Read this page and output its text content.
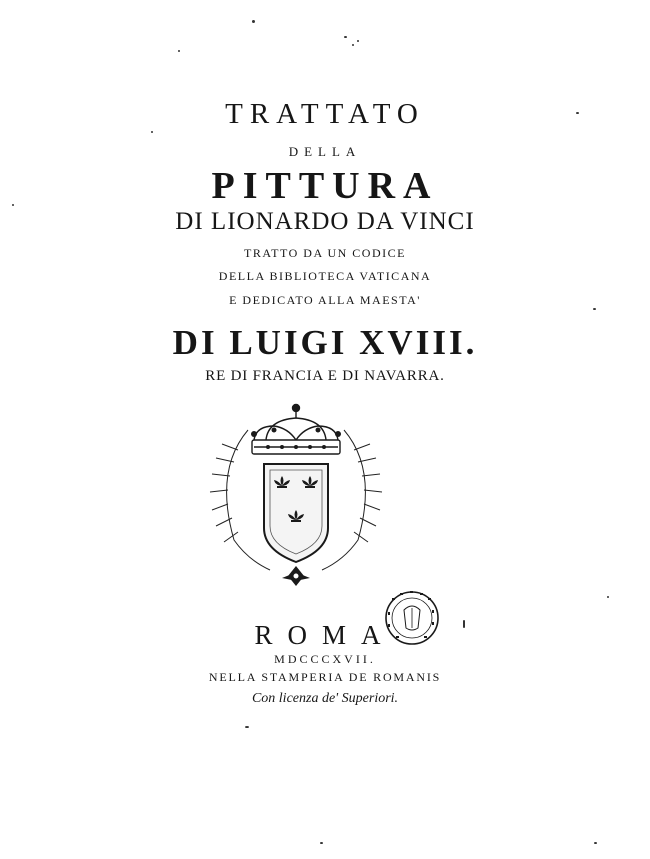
TRATTATO
DELLA
PITTURA
DI LIONARDO DA VINCI
TRATTO DA UN CODICE
DELLA BIBLIOTECA VATICANA
E DEDICATO ALLA MAESTA'
DI LUIGI XVIII.
RE DI FRANCIA E DI NAVARRA.
ROMA
MDCCCXVII.
NELLA STAMPERIA DE ROMANIS
Con licenza de' Superiori.
